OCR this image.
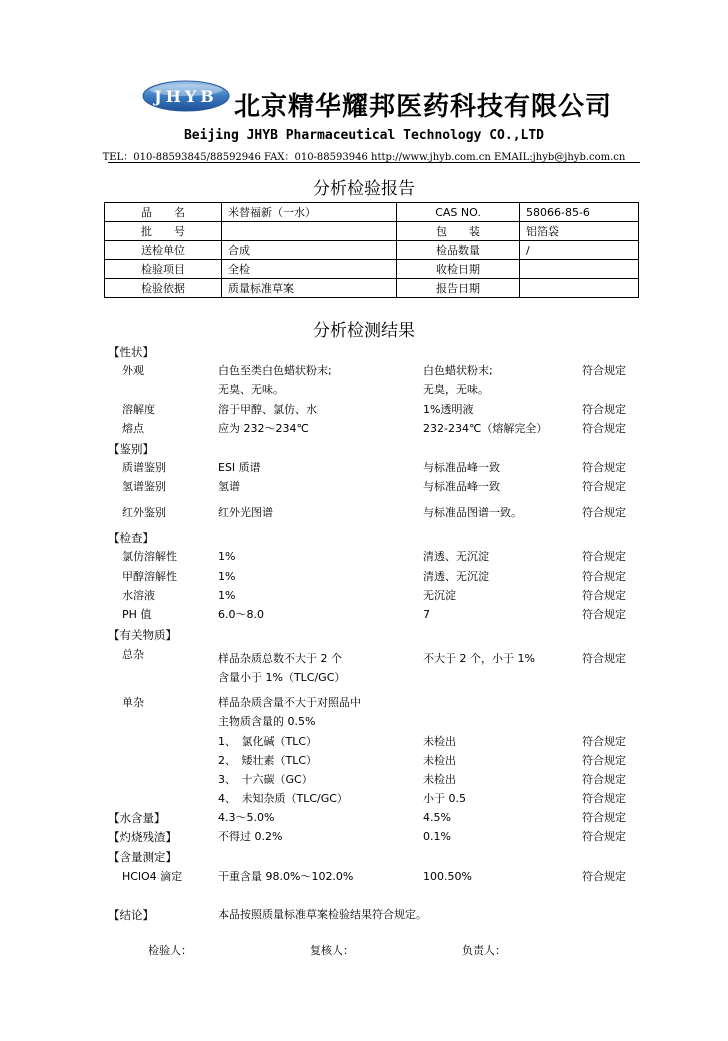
JHYB 北京精华耀邦医药科技有限公司
Beijing JHYB Pharmaceutical Technology CO.,LTD
TEL：010-88593845/88592946 FAX：010-88593946 http://www.jhyb.com.cn EMAIL:jhyb@jhyb.com.cn
分析检验报告
品　　名	米替福新（一水）	CAS NO.	58066-85-6
批　　号		包　　装	铝箔袋
送检单位	合成	检品数量	/
检验项目	全检	收检日期	
检验依据	质量标准草案	报告日期	
分析检测结果
【性状】
外观	白色至类白色蜡状粉末;	白色蜡状粉末;	符合规定
无臭、无味。	无臭，无味。
溶解度	溶于甲醇、氯仿、水	1%透明液	符合规定
熔点	应为 232～234℃	232-234℃（熔解完全）	符合规定
【鉴别】
质谱鉴别	ESI 质谱	与标准品峰一致	符合规定
氢谱鉴别	氢谱	与标准品峰一致	符合规定
红外鉴别	红外光图谱	与标准品图谱一致。	符合规定
【检查】
氯仿溶解性	1%	清透、无沉淀	符合规定
甲醇溶解性	1%	清透、无沉淀	符合规定
水溶液	1%	无沉淀	符合规定
PH 值	6.0～8.0	7	符合规定
【有关物质】
总杂	样品杂质总数不大于 2 个	不大于 2 个，小于 1%	符合规定
含量小于 1%（TLC/GC）
单杂	样品杂质含量不大于对照品中
主物质含量的 0.5%
1、　氯化碱（TLC）	未检出	符合规定
2、　矮壮素（TLC）	未检出	符合规定
3、　十六碳（GC）	未检出	符合规定
4、　未知杂质（TLC/GC）	小于 0.5	符合规定
【水含量】	4.3～5.0%	4.5%	符合规定
【灼烧残渣】	不得过 0.2%	0.1%	符合规定
【含量测定】
HClO4 滴定	干重含量 98.0%～102.0%	100.50%	符合规定
【结论】	本品按照质量标准草案检验结果符合规定。
检验人：	复核人：	负责人：
